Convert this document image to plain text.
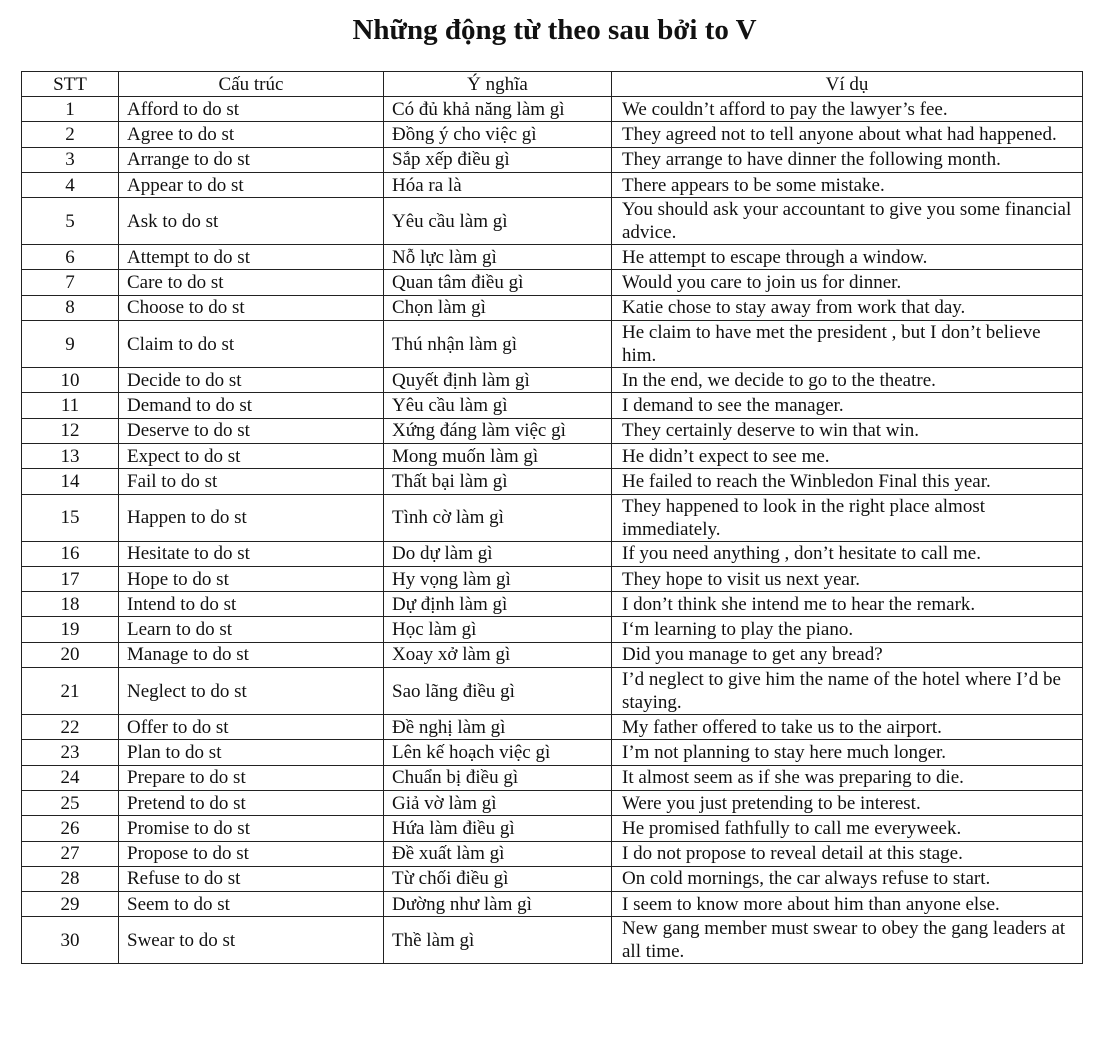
Những động từ theo sau bởi to V
STT	Cấu trúc	Ý nghĩa	Ví dụ
1	Afford to do st	Có đủ khả năng làm gì	We couldn’t afford to pay the lawyer’s fee.
2	Agree to do st	Đồng ý cho việc gì	They agreed not to tell anyone about what had happened.
3	Arrange to do st	Sắp xếp điều gì	They arrange to have dinner the following month.
4	Appear to do st	Hóa ra là	There appears to be some mistake.
5	Ask to do st	Yêu cầu làm gì	You should ask your accountant to give you some financial advice.
6	Attempt to do st	Nỗ lực làm gì	He attempt to escape through a window.
7	Care to do st	Quan tâm điều gì	Would you care to join us for dinner.
8	Choose to do st	Chọn làm gì	Katie chose to stay away from work that day.
9	Claim to do st	Thú nhận làm gì	He claim to have met the president , but I don’t believe him.
10	Decide to do st	Quyết định làm gì	In the end, we decide to go to the theatre.
11	Demand to do st	Yêu cầu làm gì	I demand to see the manager.
12	Deserve to do st	Xứng đáng làm việc gì	They certainly deserve to win that win.
13	Expect to do st	Mong muốn làm gì	He didn’t expect to see me.
14	Fail to do st	Thất bại làm gì	He failed to reach the Winbledon Final this year.
15	Happen to do st	Tình cờ làm gì	They happened to look in the right place almost immediately.
16	Hesitate to do st	Do dự làm gì	If you need anything , don’t hesitate to call me.
17	Hope to do st	Hy vọng làm gì	They hope to visit us next year.
18	Intend to do st	Dự định làm gì	I don’t think she intend me to hear the remark.
19	Learn to do st	Học làm gì	I‘m learning to play the piano.
20	Manage to do st	Xoay xở làm gì	Did you manage to get any bread?
21	Neglect to do st	Sao lãng điều gì	I’d neglect to give him the name of the hotel where I’d be staying.
22	Offer to do st	Đề nghị làm gì	My father offered to take us to the airport.
23	Plan to do st	Lên kế hoạch việc gì	I’m not planning to stay here much longer.
24	Prepare to do st	Chuẩn bị điều gì	It almost seem as if she was preparing to die.
25	Pretend to do st	Giả vờ làm gì	Were you just pretending to be interest.
26	Promise to do st	Hứa làm điều gì	He promised fathfully to call me everyweek.
27	Propose to do st	Đề xuất làm gì	I do not propose to reveal detail at this stage.
28	Refuse to do st	Từ chối điều gì	On cold mornings, the car always refuse to start.
29	Seem to do st	Dường như làm gì	I seem to know more about him than anyone else.
30	Swear to do st	Thề làm gì	New gang member must swear to obey the gang leaders at all time.
